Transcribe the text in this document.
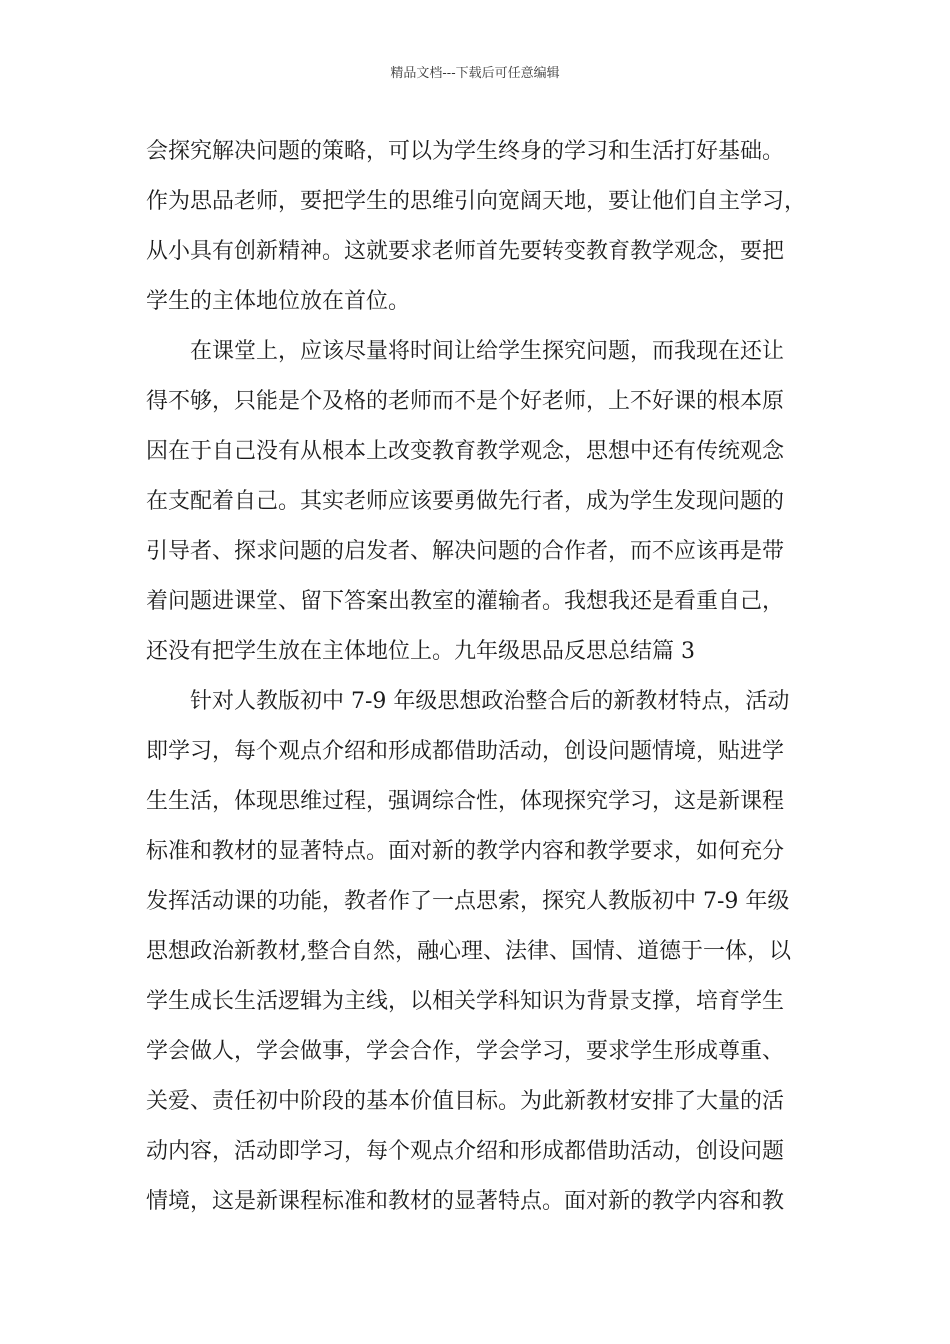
精品文档---下载后可任意编辑
会探究解决问题的策略，可以为学生终身的学习和生活打好基础。
作为思品老师，要把学生的思维引向宽阔天地，要让他们自主学习，
从小具有创新精神。这就要求老师首先要转变教育教学观念，要把
学生的主体地位放在首位。
　　在课堂上，应该尽量将时间让给学生探究问题，而我现在还让
得不够，只能是个及格的老师而不是个好老师，上不好课的根本原
因在于自己没有从根本上改变教育教学观念，思想中还有传统观念
在支配着自己。其实老师应该要勇做先行者，成为学生发现问题的
引导者、探求问题的启发者、解决问题的合作者，而不应该再是带
着问题进课堂、留下答案出教室的灌输者。我想我还是看重自己，
还没有把学生放在主体地位上。九年级思品反思总结篇 3
　　针对人教版初中 7-9 年级思想政治整合后的新教材特点，活动
即学习，每个观点介绍和形成都借助活动，创设问题情境，贴进学
生生活，体现思维过程，强调综合性，体现探究学习，这是新课程
标准和教材的显著特点。面对新的教学内容和教学要求，如何充分
发挥活动课的功能，教者作了一点思索，探究人教版初中 7-9 年级
思想政治新教材,整合自然，融心理、法律、国情、道德于一体，以
学生成长生活逻辑为主线，以相关学科知识为背景支撑，培育学生
学会做人，学会做事，学会合作，学会学习，要求学生形成尊重、
关爱、责任初中阶段的基本价值目标。为此新教材安排了大量的活
动内容，活动即学习，每个观点介绍和形成都借助活动，创设问题
情境，这是新课程标准和教材的显著特点。面对新的教学内容和教
